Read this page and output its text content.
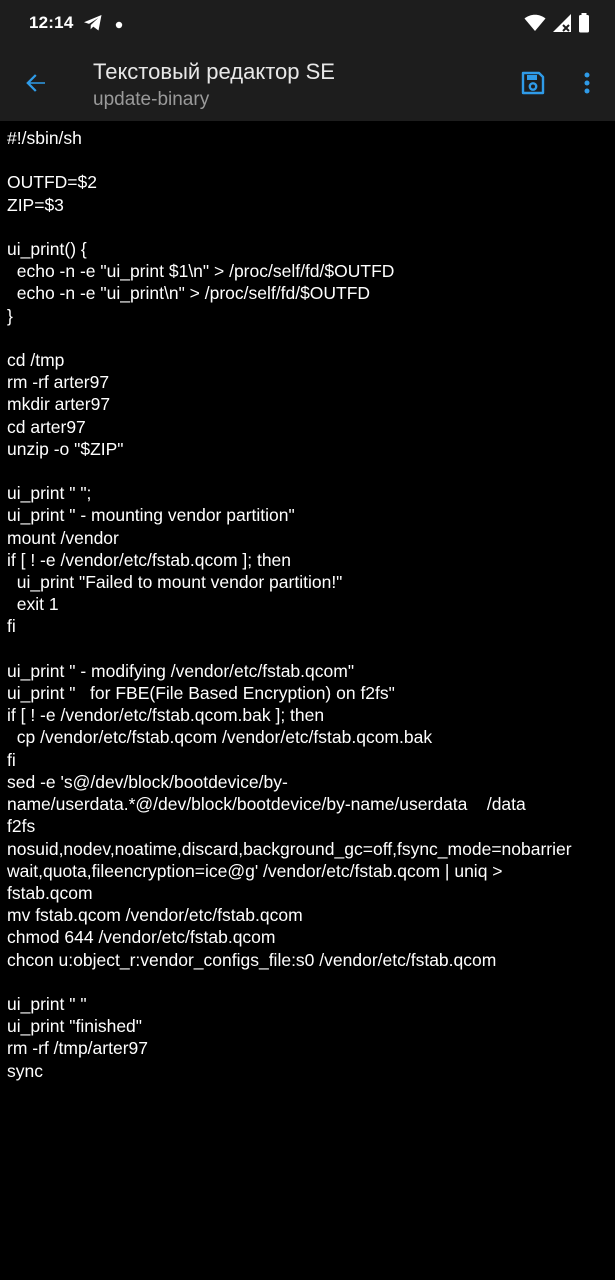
12:14
Текстовый редактор SE
update-binary
#!/sbin/sh

OUTFD=$2
ZIP=$3

ui_print() {
echo -n -e "ui_print $1\n" > /proc/self/fd/$OUTFD
echo -n -e "ui_print\n" > /proc/self/fd/$OUTFD
}

cd /tmp
rm -rf arter97
mkdir arter97
cd arter97
unzip -o "$ZIP"

ui_print " ";
ui_print " - mounting vendor partition"
mount /vendor
if [ ! -e /vendor/etc/fstab.qcom ]; then
ui_print "Failed to mount vendor partition!"
exit 1
fi

ui_print " - modifying /vendor/etc/fstab.qcom"
ui_print "   for FBE(File Based Encryption) on f2fs"
if [ ! -e /vendor/etc/fstab.qcom.bak ]; then
cp /vendor/etc/fstab.qcom /vendor/etc/fstab.qcom.bak
fi
sed -e 's@/dev/block/bootdevice/by-
name/userdata.*@/dev/block/bootdevice/by-name/userdata    /data
f2fs
nosuid,nodev,noatime,discard,background_gc=off,fsync_mode=nobarrier
wait,quota,fileencryption=ice@g' /vendor/etc/fstab.qcom | uniq >
fstab.qcom
mv fstab.qcom /vendor/etc/fstab.qcom
chmod 644 /vendor/etc/fstab.qcom
chcon u:object_r:vendor_configs_file:s0 /vendor/etc/fstab.qcom

ui_print " "
ui_print "finished"
rm -rf /tmp/arter97
sync
